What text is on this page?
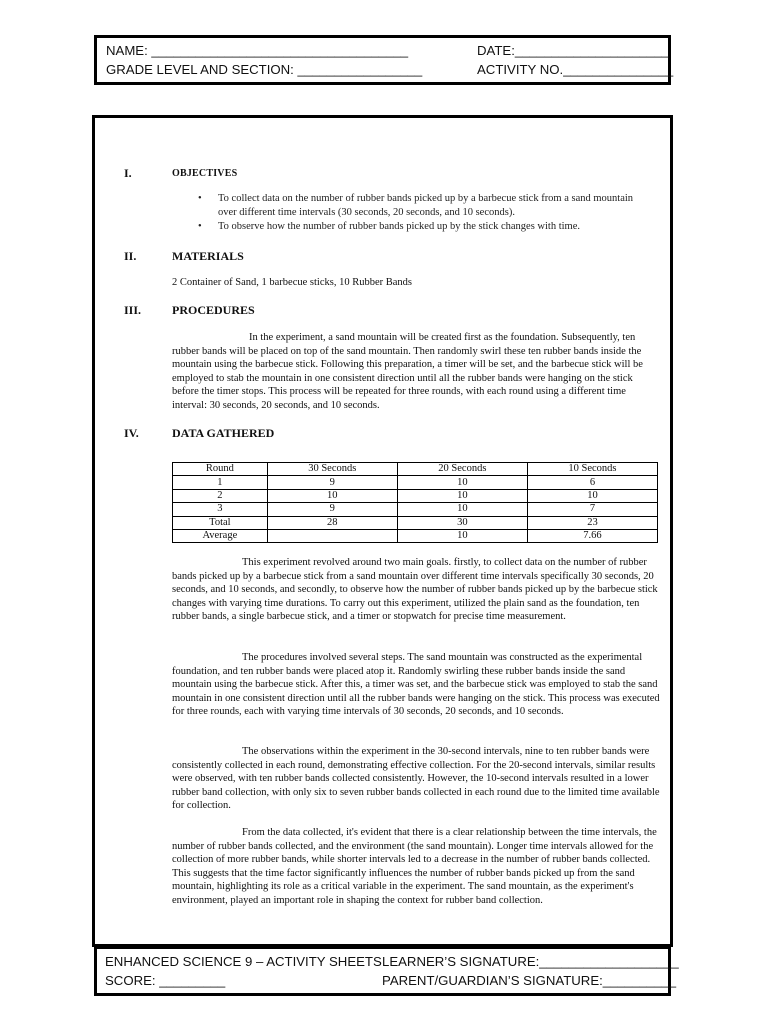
NAME: ___________________________________
GRADE LEVEL AND SECTION: _________________
DATE:_____________________
ACTIVITY NO._______________
I.	OBJECTIVES
• To collect data on the number of rubber bands picked up by a barbecue stick from a sand mountain over different time intervals (30 seconds, 20 seconds, and 10 seconds).
• To observe how the number of rubber bands picked up by the stick changes with time.
II.	MATERIALS

2 Container of Sand, 1 barbecue sticks, 10 Rubber Bands

III.	PROCEDURES

In the experiment, a sand mountain will be created first as the foundation. Subsequently, ten rubber bands will be placed on top of the sand mountain. Then randomly swirl these ten rubber bands inside the mountain using the barbecue stick. Following this preparation, a timer will be set, and the barbecue stick will be employed to stab the mountain in one consistent direction until all the rubber bands were hanging on the stick before the timer stops. This process will be repeated for three rounds, with each round using a different time interval: 30 seconds, 20 seconds, and 10 seconds.

IV.	DATA GATHERED
Round	30 Seconds	20 Seconds	10 Seconds
1	9	10	6
2	10	10	10
3	9	10	7
Total	28	30	23
Average		10	7.66

This experiment revolved around two main goals. firstly, to collect data on the number of rubber bands picked up by a barbecue stick from a sand mountain over different time intervals specifically 30 seconds, 20 seconds, and 10 seconds, and secondly, to observe how the number of rubber bands picked up by the barbecue stick changes with varying time durations. To carry out this experiment, utilized the plain sand as the foundation, ten rubber bands, a single barbecue stick, and a timer or stopwatch for precise time measurement.

The procedures involved several steps. The sand mountain was constructed as the experimental foundation, and ten rubber bands were placed atop it. Randomly swirling these rubber bands inside the sand mountain using the barbecue stick. After this, a timer was set, and the barbecue stick was employed to stab the sand mountain in one consistent direction until all the rubber bands were hanging on the stick. This process was executed for three rounds, each with varying time intervals of 30 seconds, 20 seconds, and 10 seconds.

The observations within the experiment in the 30-second intervals, nine to ten rubber bands were consistently collected in each round, demonstrating effective collection. For the 20-second intervals, similar results were observed, with ten rubber bands collected consistently. However, the 10-second intervals resulted in a lower rubber band collection, with only six to seven rubber bands collected in each round due to the limited time available for collection.

From the data collected, it's evident that there is a clear relationship between the time intervals, the number of rubber bands collected, and the environment (the sand mountain). Longer time intervals allowed for the collection of more rubber bands, while shorter intervals led to a decrease in the number of rubber bands collected. This suggests that the time factor significantly influences the number of rubber bands picked up from the sand mountain, highlighting its role as a critical variable in the experiment. The sand mountain, as the experiment's environment, played an important role in shaping the context for rubber band collection.

ENHANCED SCIENCE 9 – ACTIVITY SHEETS
SCORE: _________
LEARNER’S SIGNATURE:___________________
PARENT/GUARDIAN’S SIGNATURE:__________
